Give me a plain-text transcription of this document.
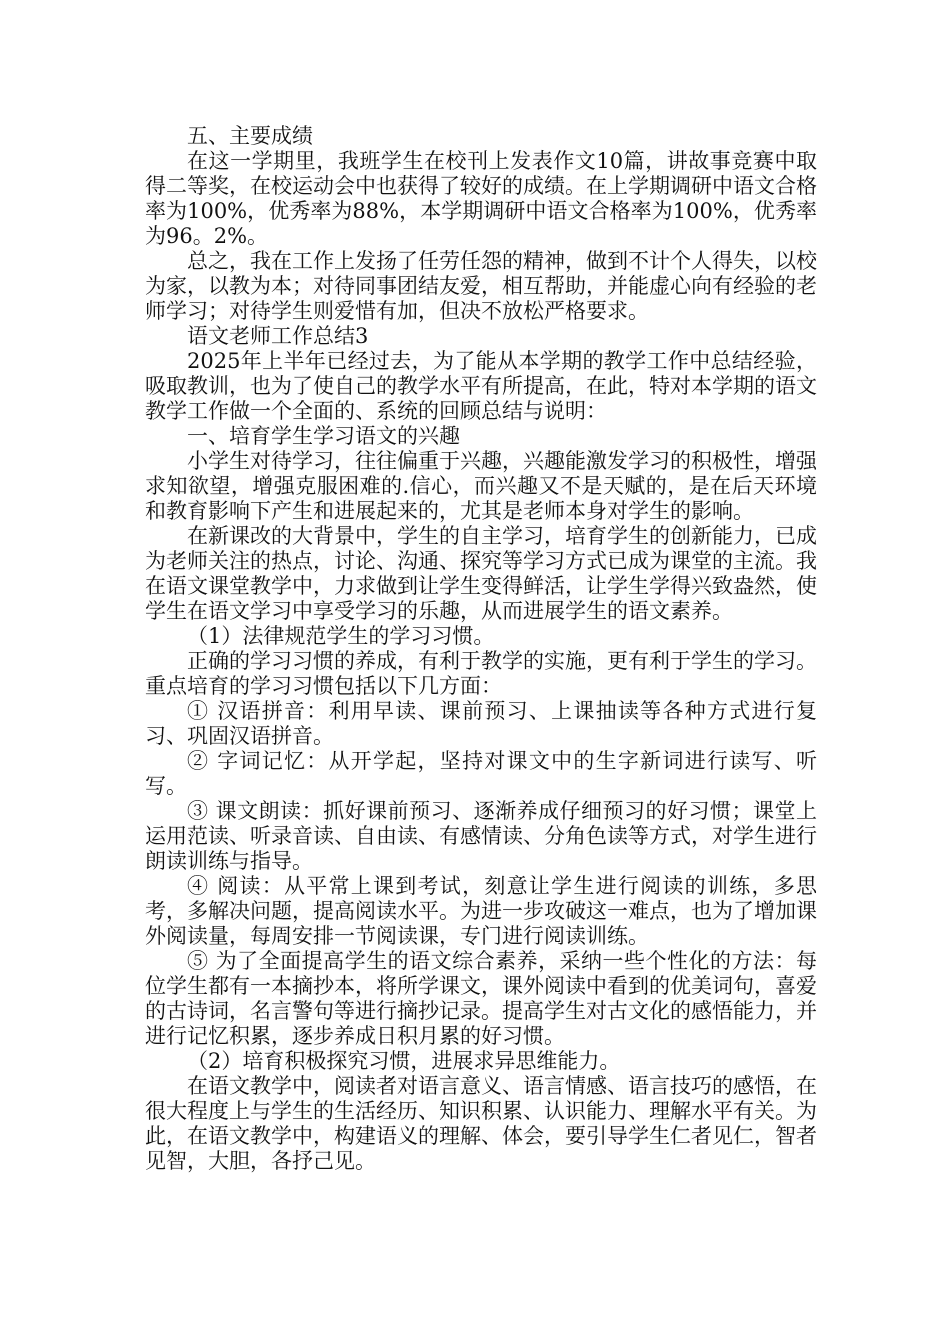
五、主要成绩

在这一学期里，我班学生在校刊上发表作文10篇，讲故事竞赛中取得二等奖，在校运动会中也获得了较好的成绩。在上学期调研中语文合格率为100%，优秀率为88%，本学期调研中语文合格率为100%，优秀率为96。2%。

总之，我在工作上发扬了任劳任怨的精神，做到不计个人得失，以校为家，以教为本；对待同事团结友爱，相互帮助，并能虚心向有经验的老师学习；对待学生则爱惜有加，但决不放松严格要求。

语文老师工作总结3

2025年上半年已经过去，为了能从本学期的教学工作中总结经验，吸取教训，也为了使自己的教学水平有所提高，在此，特对本学期的语文教学工作做一个全面的、系统的回顾总结与说明：

一、培育学生学习语文的兴趣

小学生对待学习，往往偏重于兴趣，兴趣能激发学习的积极性，增强求知欲望，增强克服困难的.信心，而兴趣又不是天赋的，是在后天环境和教育影响下产生和进展起来的，尤其是老师本身对学生的影响。

在新课改的大背景中，学生的自主学习，培育学生的创新能力，已成为老师关注的热点，讨论、沟通、探究等学习方式已成为课堂的主流。我在语文课堂教学中，力求做到让学生变得鲜活，让学生学得兴致盎然，使学生在语文学习中享受学习的乐趣，从而进展学生的语文素养。

（1）法律规范学生的学习习惯。

正确的学习习惯的养成，有利于教学的实施，更有利于学生的学习。重点培育的学习习惯包括以下几方面：

① 汉语拼音：利用早读、课前预习、上课抽读等各种方式进行复习、巩固汉语拼音。

② 字词记忆：从开学起，坚持对课文中的生字新词进行读写、听写。

③ 课文朗读：抓好课前预习、逐渐养成仔细预习的好习惯；课堂上运用范读、听录音读、自由读、有感情读、分角色读等方式，对学生进行朗读训练与指导。

④ 阅读：从平常上课到考试，刻意让学生进行阅读的训练，多思考，多解决问题，提高阅读水平。为进一步攻破这一难点，也为了增加课外阅读量，每周安排一节阅读课，专门进行阅读训练。

⑤ 为了全面提高学生的语文综合素养，采纳一些个性化的方法：每位学生都有一本摘抄本，将所学课文，课外阅读中看到的优美词句，喜爱的古诗词，名言警句等进行摘抄记录。提高学生对古文化的感悟能力，并进行记忆积累，逐步养成日积月累的好习惯。

（2）培育积极探究习惯，进展求异思维能力。

在语文教学中，阅读者对语言意义、语言情感、语言技巧的感悟，在很大程度上与学生的生活经历、知识积累、认识能力、理解水平有关。为此，在语文教学中，构建语义的理解、体会，要引导学生仁者见仁，智者见智，大胆，各抒己见。
